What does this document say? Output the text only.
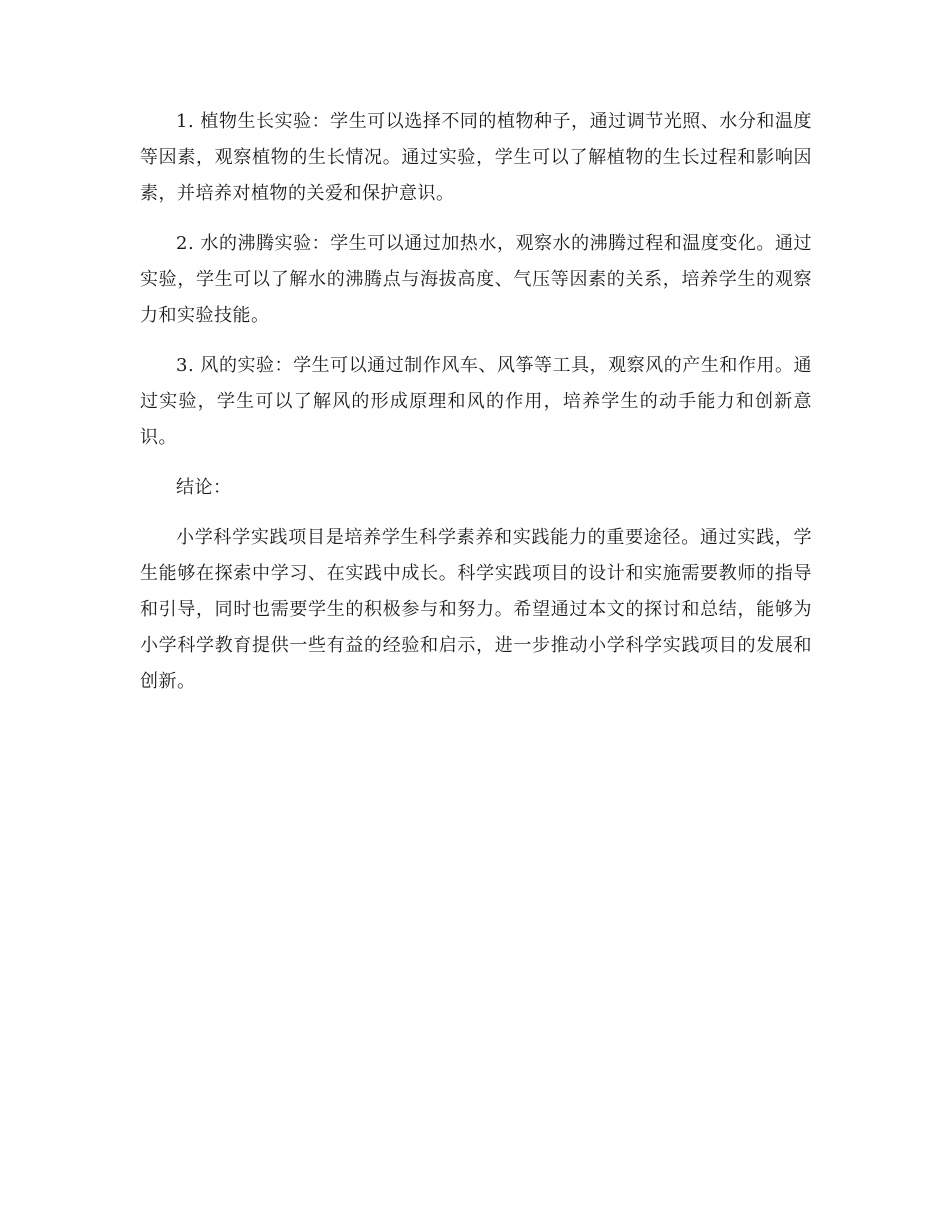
1. 植物生长实验：学生可以选择不同的植物种子，通过调节光照、水分和温度等因素，观察植物的生长情况。通过实验，学生可以了解植物的生长过程和影响因素，并培养对植物的关爱和保护意识。

2. 水的沸腾实验：学生可以通过加热水，观察水的沸腾过程和温度变化。通过实验，学生可以了解水的沸腾点与海拔高度、气压等因素的关系，培养学生的观察力和实验技能。

3. 风的实验：学生可以通过制作风车、风筝等工具，观察风的产生和作用。通过实验，学生可以了解风的形成原理和风的作用，培养学生的动手能力和创新意识。

结论：

小学科学实践项目是培养学生科学素养和实践能力的重要途径。通过实践，学生能够在探索中学习、在实践中成长。科学实践项目的设计和实施需要教师的指导和引导，同时也需要学生的积极参与和努力。希望通过本文的探讨和总结，能够为小学科学教育提供一些有益的经验和启示，进一步推动小学科学实践项目的发展和创新。
